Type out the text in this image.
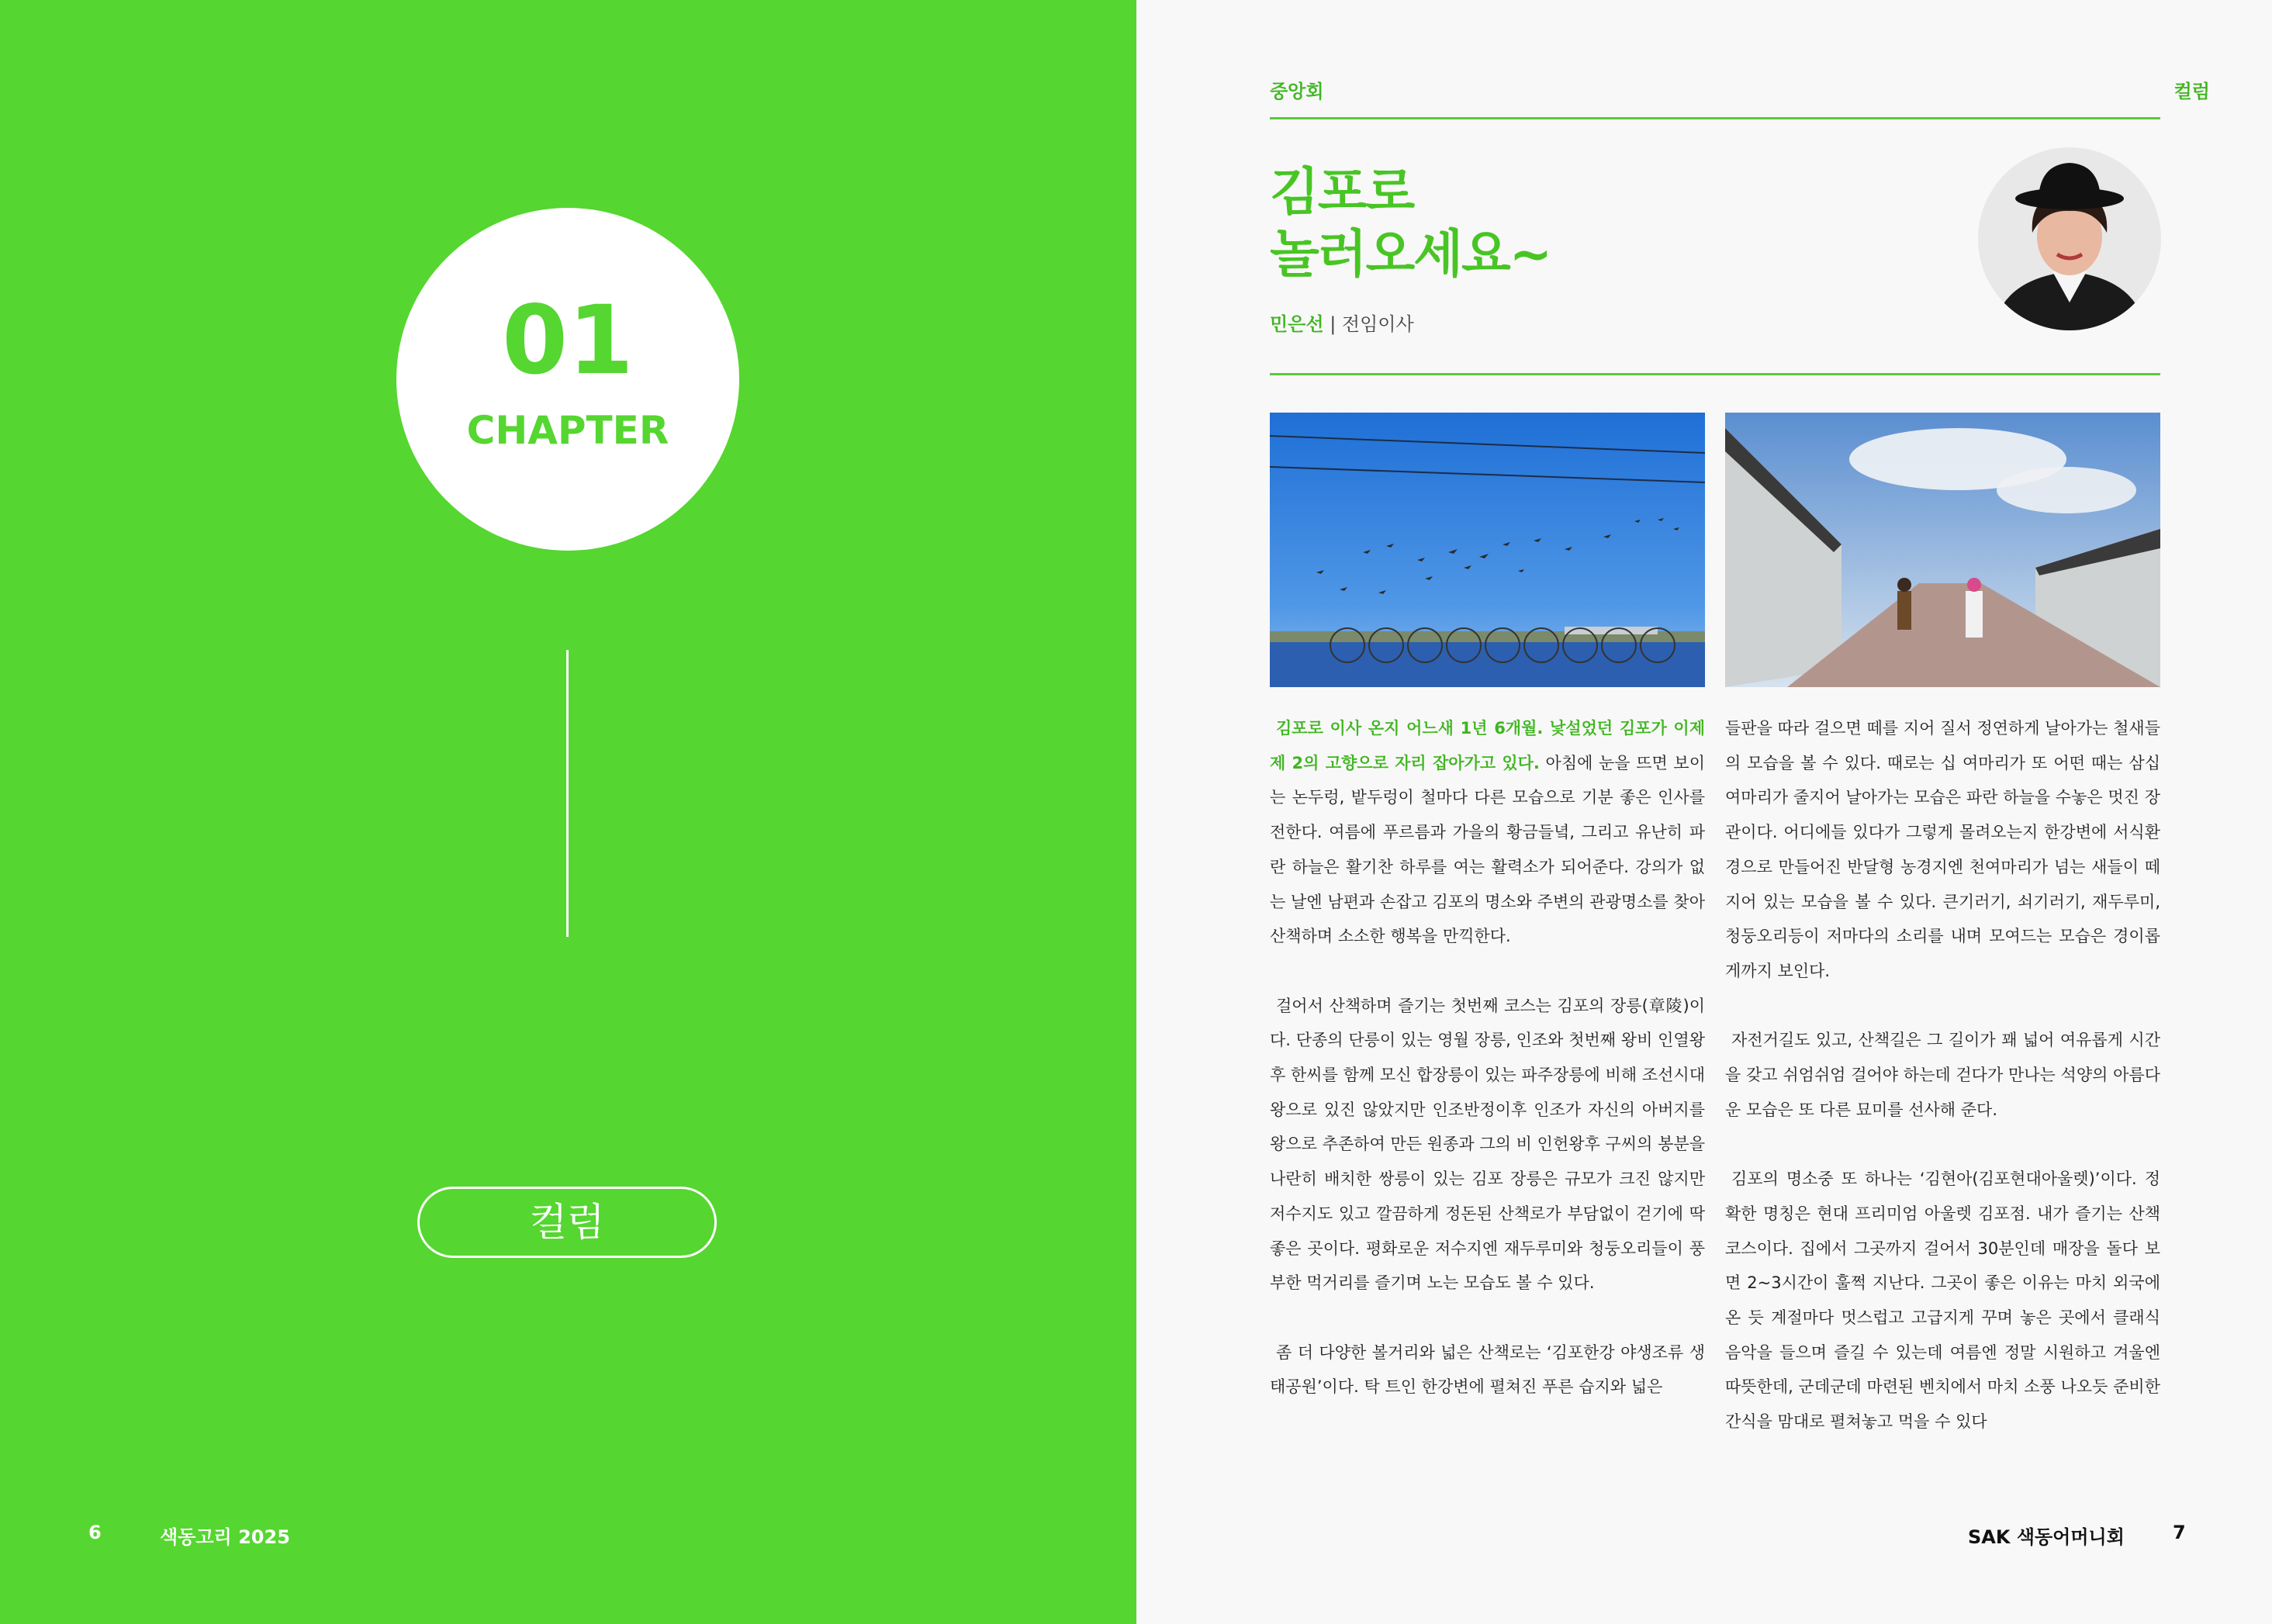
01
CHAPTER
컬럼
6	색동고리 2025
중앙회	컬럼
김포로
놀러오세요~
민은선 | 전임이사

김포로 이사 온지 어느새 1년 6개월. 낯설었던 김포가 이제 제 2의 고향으로 자리 잡아가고 있다. 아침에 눈을 뜨면 보이는 논두렁, 밭두렁이 철마다 다른 모습으로 기분 좋은 인사를 전한다. 여름에 푸르름과 가을의 황금들녘, 그리고 유난히 파란 하늘은 활기찬 하루를 여는 활력소가 되어준다. 강의가 없는 날엔 남편과 손잡고 김포의 명소와 주변의 관광명소를 찾아 산책하며 소소한 행복을 만끽한다.

걸어서 산책하며 즐기는 첫번째 코스는 김포의 장릉(章陵)이다. 단종의 단릉이 있는 영월 장릉, 인조와 첫번째 왕비 인열왕후 한씨를 함께 모신 합장릉이 있는 파주장릉에 비해 조선시대 왕으로 있진 않았지만 인조반정이후 인조가 자신의 아버지를 왕으로 추존하여 만든 원종과 그의 비 인헌왕후 구씨의 봉분을 나란히 배치한 쌍릉이 있는 김포 장릉은 규모가 크진 않지만 저수지도 있고 깔끔하게 정돈된 산책로가 부담없이 걷기에 딱 좋은 곳이다. 평화로운 저수지엔 재두루미와 청둥오리들이 풍부한 먹거리를 즐기며 노는 모습도 볼 수 있다.

좀 더 다양한 볼거리와 넓은 산책로는 ‘김포한강 야생조류 생태공원’이다. 탁 트인 한강변에 펼쳐진 푸른 습지와 넓은

들판을 따라 걸으면 떼를 지어 질서 정연하게 날아가는 철새들의 모습을 볼 수 있다. 때로는 십 여마리가 또 어떤 때는 삼십 여마리가 줄지어 날아가는 모습은 파란 하늘을 수놓은 멋진 장관이다. 어디에들 있다가 그렇게 몰려오는지 한강변에 서식환경으로 만들어진 반달형 농경지엔 천여마리가 넘는 새들이 떼지어 있는 모습을 볼 수 있다. 큰기러기, 쇠기러기, 재두루미, 청둥오리등이 저마다의 소리를 내며 모여드는 모습은 경이롭게까지 보인다.

자전거길도 있고, 산책길은 그 길이가 꽤 넓어 여유롭게 시간을 갖고 쉬엄쉬엄 걸어야 하는데 걷다가 만나는 석양의 아름다운 모습은 또 다른 묘미를 선사해 준다.

김포의 명소중 또 하나는 ‘김현아(김포현대아울렛)’이다. 정확한 명칭은 현대 프리미엄 아울렛 김포점. 내가 즐기는 산책 코스이다. 집에서 그곳까지 걸어서 30분인데 매장을 돌다 보면 2~3시간이 훌쩍 지난다. 그곳이 좋은 이유는 마치 외국에 온 듯 계절마다 멋스럽고 고급지게 꾸며 놓은 곳에서 클래식 음악을 들으며 즐길 수 있는데 여름엔 정말 시원하고 겨울엔 따뜻한데, 군데군데 마련된 벤치에서 마치 소풍 나오듯 준비한 간식을 맘대로 펼쳐놓고 먹을 수 있다

SAK 색동어머니회	7
